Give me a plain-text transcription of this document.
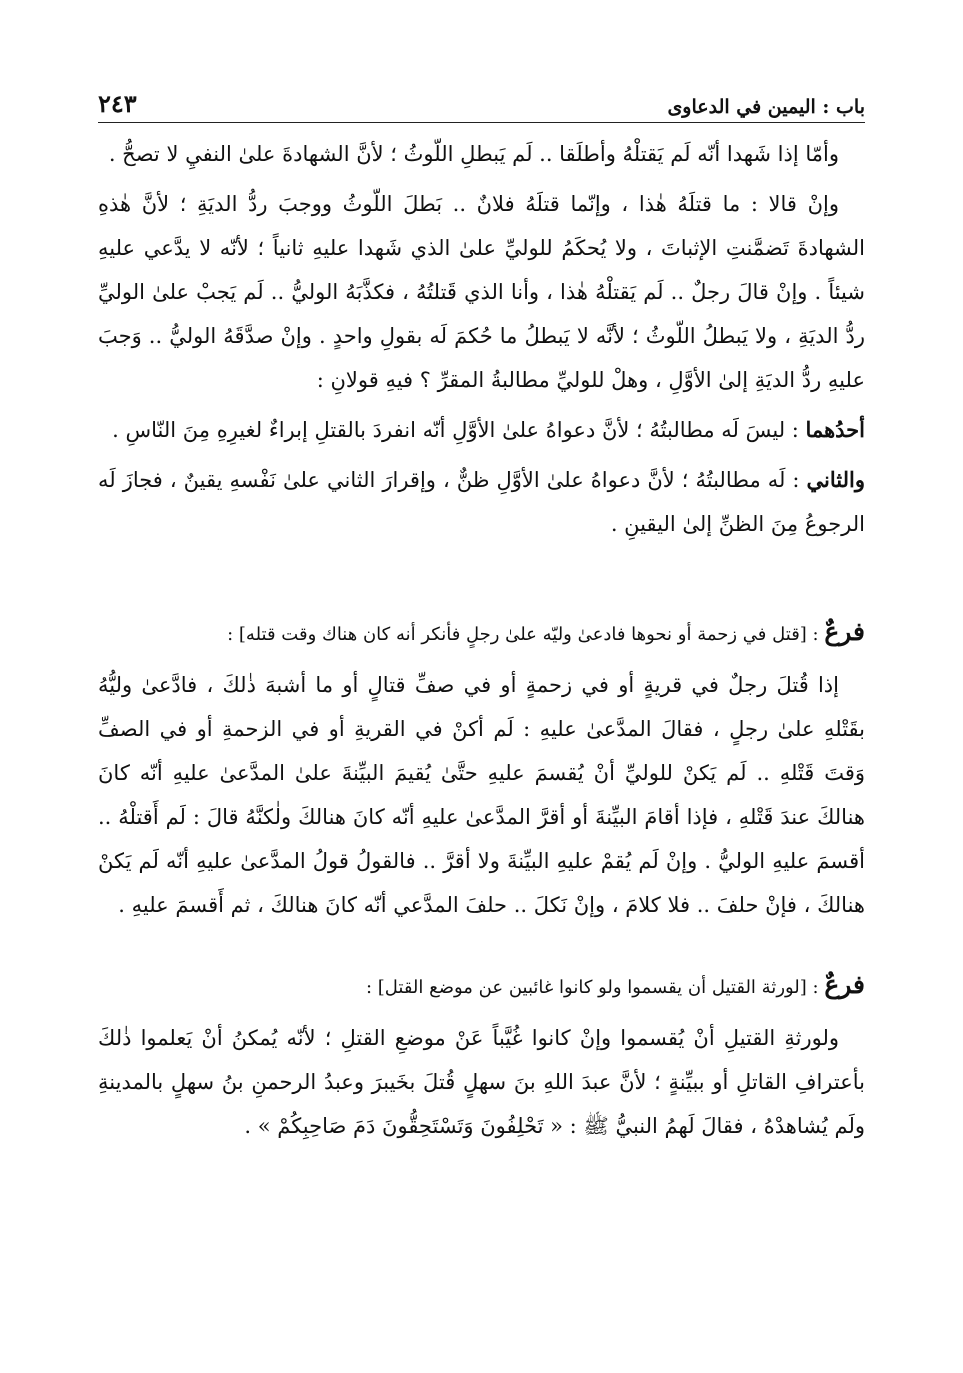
باب : اليمين في الدعاوى
٢٤٣

وأمّا إذا شَهدا أنّه لَم يَقتلْهُ وأطلَقا .. لَم يَبطلِ اللّوثُ ؛ لأنَّ الشهادةَ علىٰ النفيِ لا تصحُّ .

وإنْ قالا : ما قتلَهُ هٰذا ، وإنّما قتلَهُ فلانٌ .. بَطلَ اللّوثُ ووجبَ ردُّ الديَةِ ؛ لأنَّ هٰذهِ الشهادةَ تَضمَّنتِ الإثباتَ ، ولا يُحكَمُ للوليِّ علىٰ الذي شَهدا عليهِ ثانياً ؛ لأنّه لا يدَّعي عليهِ شيئاً . وإنْ قالَ رجلٌ .. لَم يَقتلْهُ هٰذا ، وأنا الذي قَتلتُهُ ، فكذَّبَهُ الوليُّ .. لَم يَجبْ علىٰ الوليِّ ردُّ الديَةِ ، ولا يَبطلُ اللّوثُ ؛ لأنَّه لا يَبطلُ ما حُكمَ لَه بقولِ واحدٍ . وإنْ صدَّقَهُ الوليُّ .. وَجبَ عليهِ ردُّ الديَةِ إلىٰ الأوَّلِ ، وهلْ للوليِّ مطالبةُ المقرِّ ؟ فيهِ قولانِ :

أحدُهما : ليسَ لَه مطالبتُهُ ؛ لأنَّ دعواهُ علىٰ الأوَّلِ أنّه انفردَ بالقتلِ إبراءٌ لغيرِهِ مِنَ النّاسِ .

والثاني : لَه مطالبتُهُ ؛ لأنَّ دعواهُ علىٰ الأوَّلِ ظنٌّ ، وإقرارَ الثاني علىٰ نَفْسهِ يقينٌ ، فجازَ لَه الرجوعُ مِنَ الظنِّ إلىٰ اليقينِ .

فرعٌ : [قتل في زحمة أو نحوها فادعىٰ وليّه علىٰ رجلٍ فأنكر أنه كان هناك وقت قتله] :

إذا قُتلَ رجلٌ في قريةٍ أو في زحمةٍ أو في صفِّ قتالٍ أو ما أشبهَ ذٰلكَ ، فادَّعىٰ وليُّهُ بقَتْلهِ علىٰ رجلٍ ، فقالَ المدَّعىٰ عليهِ : لَم أكنْ في القريةِ أو في الزحمةِ أو في الصفِّ وَقتَ قَتْلهِ .. لَم يَكنْ للوليِّ أنْ يُقسمَ عليهِ حتَّىٰ يُقيمَ البيِّنةَ علىٰ المدَّعىٰ عليهِ أنّه كانَ هنالكَ عندَ قَتْلهِ ، فإذا أقامَ البيِّنةَ أو أقرَّ المدَّعىٰ عليهِ أنّه كانَ هنالكَ ولٰكنَّهُ قالَ : لَم أَقتلْهُ .. أقسمَ عليهِ الوليُّ . وإنْ لَم يُقمْ عليهِ البيِّنةَ ولا أقرَّ .. فالقولُ قولُ المدَّعىٰ عليهِ أنّه لَم يَكنْ هنالكَ ، فإنْ حلفَ .. فلا كلامَ ، وإنْ نَكلَ .. حلفَ المدَّعي أنّه كانَ هنالكَ ، ثم أَقسمَ عليهِ .

فرعٌ : [لورثة القتيل أن يقسموا ولو كانوا غائبين عن موضع القتل] :

ولورثةِ القتيلِ أنْ يُقسموا وإنْ كانوا غُيَّباً عَنْ موضعِ القتلِ ؛ لأنّه يُمكنُ أنْ يَعلموا ذٰلكَ بأعترافِ القاتلِ أو ببيِّنةٍ ؛ لأنَّ عبدَ اللهِ بنَ سهلٍ قُتلَ بخَيبرَ وعبدُ الرحمنِ بنُ سهلٍ بالمدينةِ ولَم يُشاهدْهُ ، فقالَ لَهمُ النبيُّ ﷺ : « تَحْلِفُونَ وَتَسْتَحِقُّونَ دَمَ صَاحِبِكُمْ » .
